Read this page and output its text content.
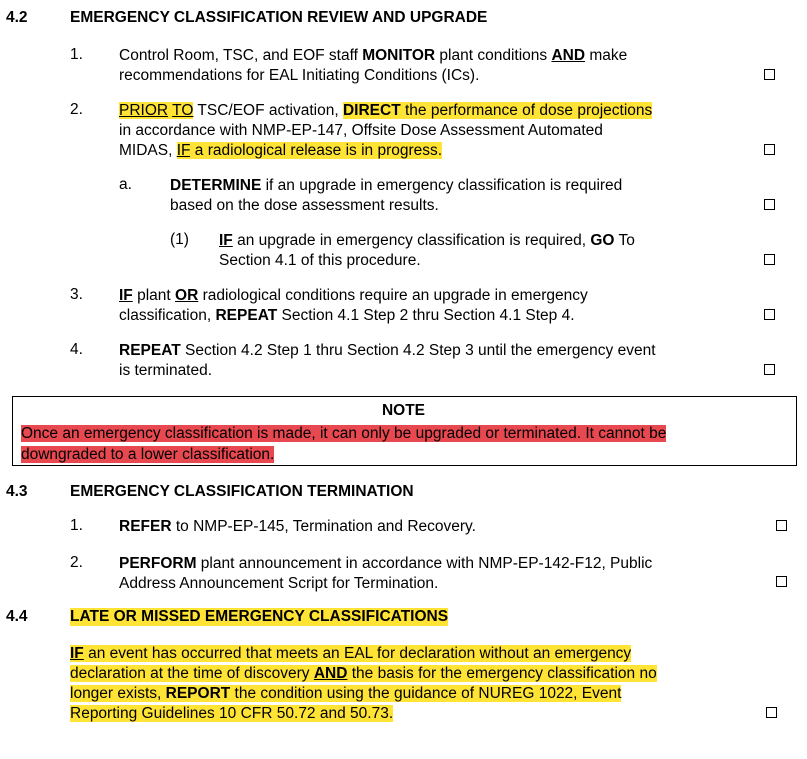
4.2	EMERGENCY CLASSIFICATION REVIEW AND UPGRADE
1. Control Room, TSC, and EOF staff MONITOR plant conditions AND make
recommendations for EAL Initiating Conditions (ICs).
2. PRIOR TO TSC/EOF activation, DIRECT the performance of dose projections
in accordance with NMP-EP-147, Offsite Dose Assessment Automated
MIDAS, IF a radiological release is in progress.
a. DETERMINE if an upgrade in emergency classification is required
based on the dose assessment results.
(1) IF an upgrade in emergency classification is required, GO To
Section 4.1 of this procedure.
3. IF plant OR radiological conditions require an upgrade in emergency
classification, REPEAT Section 4.1 Step 2 thru Section 4.1 Step 4.
4. REPEAT Section 4.2 Step 1 thru Section 4.2 Step 3 until the emergency event
is terminated.
NOTE
Once an emergency classification is made, it can only be upgraded or terminated. It cannot be
downgraded to a lower classification.
4.3	EMERGENCY CLASSIFICATION TERMINATION
1. REFER to NMP-EP-145, Termination and Recovery.
2. PERFORM plant announcement in accordance with NMP-EP-142-F12, Public
Address Announcement Script for Termination.
4.4	LATE OR MISSED EMERGENCY CLASSIFICATIONS
IF an event has occurred that meets an EAL for declaration without an emergency
declaration at the time of discovery AND the basis for the emergency classification no
longer exists, REPORT the condition using the guidance of NUREG 1022, Event
Reporting Guidelines 10 CFR 50.72 and 50.73.
